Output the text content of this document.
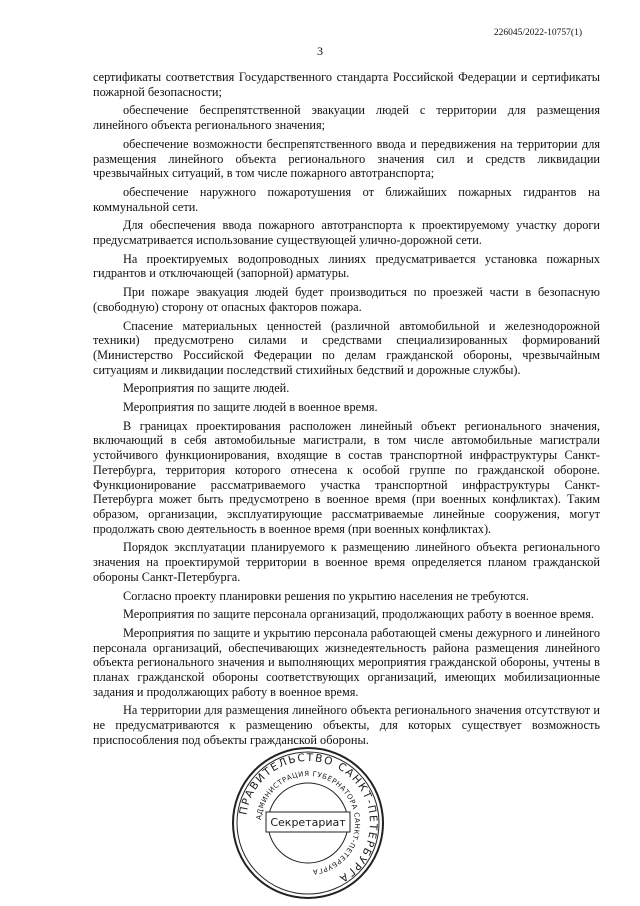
226045/2022-10757(1)
3

сертификаты соответствия Государственного стандарта Российской Федерации и сертификаты пожарной безопасности;

обеспечение беспрепятственной эвакуации людей с территории для размещения линейного объекта регионального значения;

обеспечение возможности беспрепятственного ввода и передвижения на территории для размещения линейного объекта регионального значения сил и средств ликвидации чрезвычайных ситуаций, в том числе пожарного автотранспорта;

обеспечение наружного пожаротушения от ближайших пожарных гидрантов на коммунальной сети.

Для обеспечения ввода пожарного автотранспорта к проектируемому участку дороги предусматривается использование существующей улично-дорожной сети.

На проектируемых водопроводных линиях предусматривается установка пожарных гидрантов и отключающей (запорной) арматуры.

При пожаре эвакуация людей будет производиться по проезжей части в безопасную (свободную) сторону от опасных факторов пожара.

Спасение материальных ценностей (различной автомобильной и железнодорожной техники) предусмотрено силами и средствами специализированных формирований (Министерство Российской Федерации по делам гражданской обороны, чрезвычайным ситуациям и ликвидации последствий стихийных бедствий и дорожные службы).

Мероприятия по защите людей.

Мероприятия по защите людей в военное время.

В границах проектирования расположен линейный объект регионального значения, включающий в себя автомобильные магистрали, в том числе автомобильные магистрали устойчивого функционирования, входящие в состав транспортной инфраструктуры Санкт-Петербурга, территория которого отнесена к особой группе по гражданской обороне. Функционирование рассматриваемого участка транспортной инфраструктуры Санкт-Петербурга может быть предусмотрено в военное время (при военных конфликтах). Таким образом, организации, эксплуатирующие рассматриваемые линейные сооружения, могут продолжать свою деятельность в военное время (при военных конфликтах).

Порядок эксплуатации планируемого к размещению линейного объекта регионального значения на проектирумой территории в военное время определяется планом гражданской обороны Санкт-Петербурга.

Согласно проекту планировки решения по укрытию населения не требуются.

Мероприятия по защите персонала организаций, продолжающих работу в военное время.

Мероприятия по защите и укрытию персонала работающей смены дежурного и линейного персонала организаций, обеспечивающих жизнедеятельность района размещения линейного объекта регионального значения и выполняющих мероприятия гражданской обороны, учтены в планах гражданской обороны соответствующих организаций, имеющих мобилизационные задания и продолжающих работу в военное время.

На территории для размещения линейного объекта регионального значения отсутствуют и не предусматриваются к размещению объекты, для которых существует возможность приспособления под объекты гражданской обороны.

ПРАВИТЕЛЬСТВО САНКТ-ПЕТЕРБУРГА
АДМИНИСТРАЦИЯ ГУБЕРНАТОРА САНКТ-ПЕТЕРБУРГА
Секретариат
